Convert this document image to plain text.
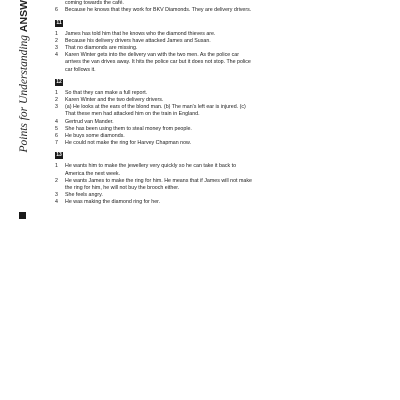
Points for Understanding ANSW	coming towards the café.
6	Because he knows that they work for BKV Diamonds. They are delivery drivers.
11
1	James has told him that he knows who the diamond thieves are.
2	Because his delivery drivers have attacked James and Susan.
3	That no diamonds are missing.
4	Karen Winter gets into the delivery van with the two men. As the police car arrives the van drives away. It hits the police car but it does not stop. The police car follows it.
12
1	So that they can make a full report.
2	Karen Winter and the two delivery drivers.
3	(a) He looks at the ears of the blond man. (b) The man's left ear is injured. (c) That these men had attacked him on the train in England.
4	Gertrud van Mander.
5	She has been using them to steal money from people.
6	He buys some diamonds.
7	He could not make the ring for Harvey Chapman now.
13
1	He wants him to make the jewellery very quickly so he can take it back to America the next week.
2	He wants James to make the ring for him. He means that if James will not make the ring for him, he will not buy the brooch either.
3	She feels angry.
4	He was making the diamond ring for her.
